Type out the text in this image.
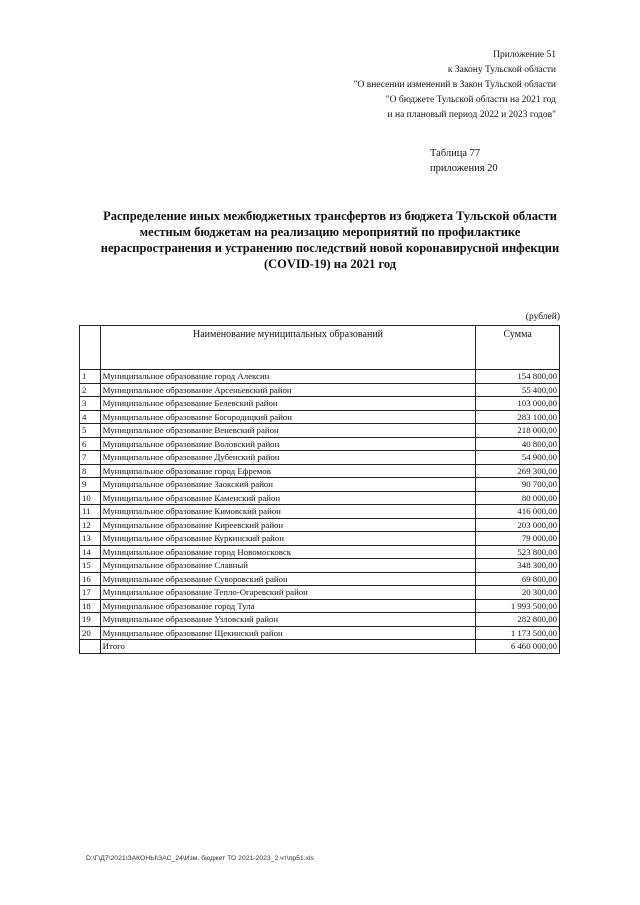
Приложение 51
к Закону Тульской области
"О внесении изменений в Закон Тульской области
"О бюджете Тульской области на 2021 год
и на плановый период 2022 и 2023 годов"
Таблица 77
приложения 20
Распределение иных межбюджетных трансфертов из бюджета Тульской области
местным бюджетам на реализацию мероприятий по профилактике
нераспространения и устранению последствий новой коронавирусной инфекции
(COVID-19) на 2021 год
(рублей)
	Наименование муниципальных образований	Сумма
1	Муниципальное образование город Алексин	154 800,00
2	Муниципальное образование Арсеньевский район	55 400,00
3	Муниципальное образование Белевский район	103 000,00
4	Муниципальное образование Богородицкий район	283 100,00
5	Муниципальное образование Веневский район	218 000,00
6	Муниципальное образование Воловский район	40 800,00
7	Муниципальное образование Дубенский район	54 900,00
8	Муниципальное образование город Ефремов	269 300,00
9	Муниципальное образование Заокский район	90 700,00
10	Муниципальное образование Каменский район	80 000,00
11	Муниципальное образование Кимовский район	416 000,00
12	Муниципальное образование Киреевский район	203 000,00
13	Муниципальное образование Куркинский район	79 000,00
14	Муниципальное образование город Новомосковск	523 800,00
15	Муниципальное образование Славный	348 300,00
16	Муниципальное образование Суворовский район	69 800,00
17	Муниципальное образование Тепло-Огаревский район	20 300,00
18	Муниципальное образование город Тула	1 993 500,00
19	Муниципальное образование Узловский район	282 800,00
20	Муниципальное образование Щекинский район	1 173 500,00
	Итого	6 460 000,00
D:\Г\Д7\2021\ЗАКОНЫ\ЗАС_24\Изм. бюджет ТО 2021-2023_2 чт\пр51.xls
